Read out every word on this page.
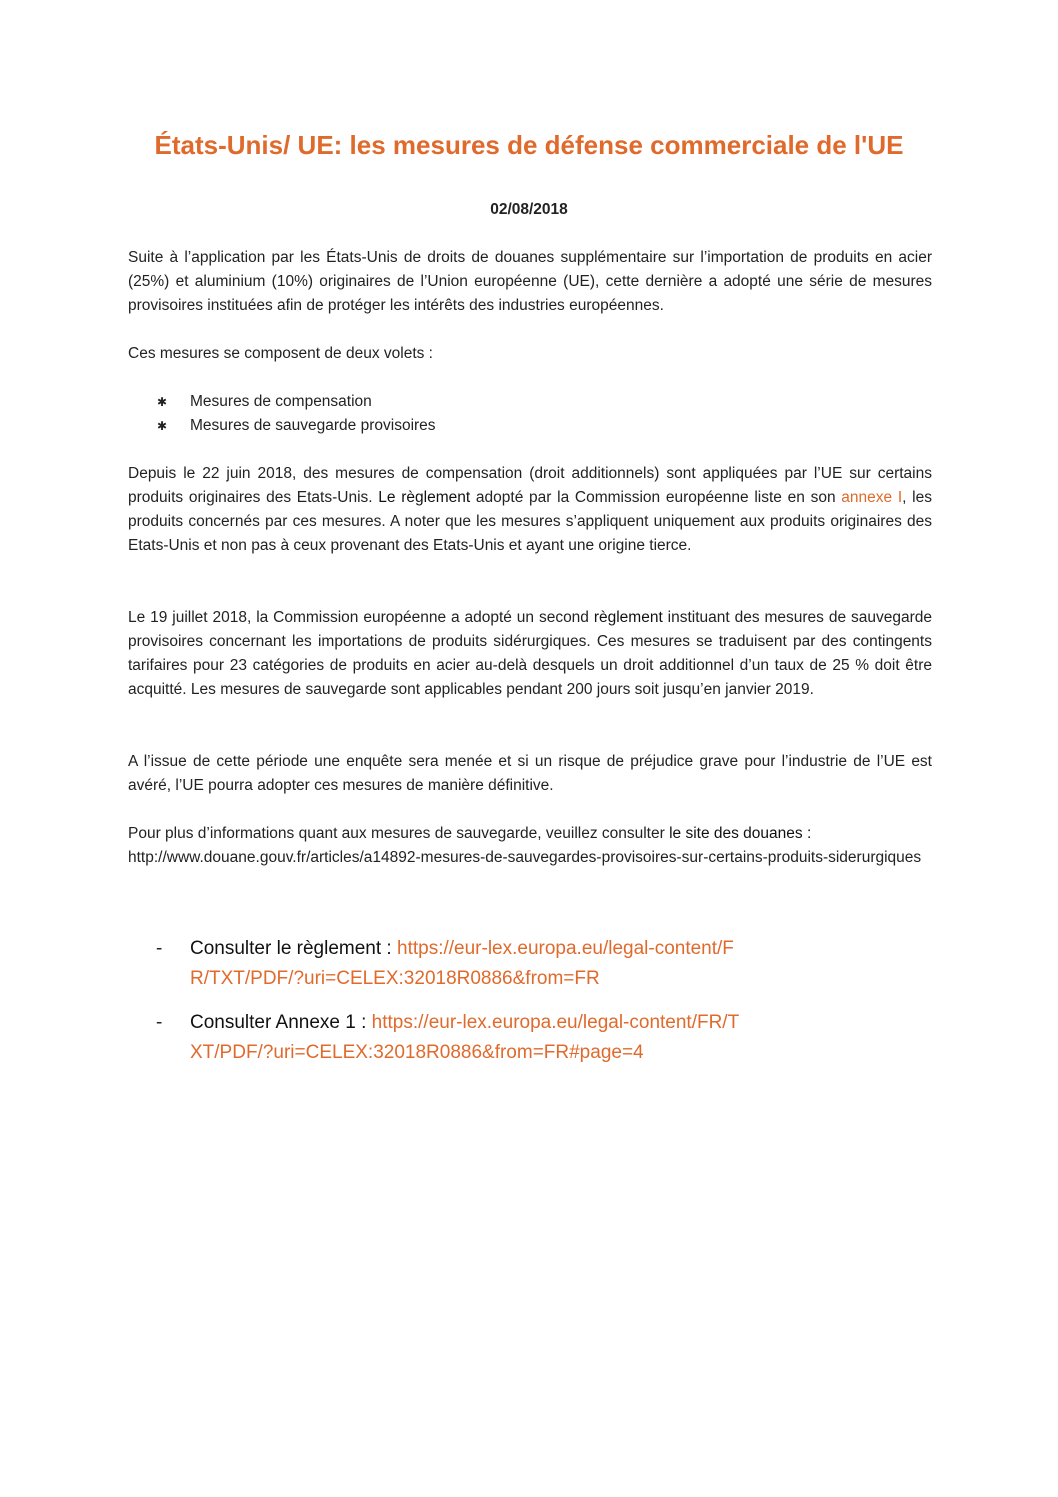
États-Unis/ UE: les mesures de défense commerciale de l'UE
02/08/2018

Suite à l’application par les États-Unis de droits de douanes supplémentaire sur l’importation de produits en acier (25%) et aluminium (10%) originaires de l’Union européenne (UE), cette dernière a adopté une série de mesures provisoires instituées afin de protéger les intérêts des industries européennes.

Ces mesures se composent de deux volets :

✱ Mesures de compensation
✱ Mesures de sauvegarde provisoires

Depuis le 22 juin 2018, des mesures de compensation (droit additionnels) sont appliquées par l’UE sur certains produits originaires des Etats-Unis. Le règlement adopté par la Commission européenne liste en son annexe I, les produits concernés par ces mesures. A noter que les mesures s’appliquent uniquement aux produits originaires des Etats-Unis et non pas à ceux provenant des Etats-Unis et ayant une origine tierce.

Le 19 juillet 2018, la Commission européenne a adopté un second règlement instituant des mesures de sauvegarde provisoires concernant les importations de produits sidérurgiques. Ces mesures se traduisent par des contingents tarifaires pour 23 catégories de produits en acier au-delà desquels un droit additionnel d’un taux de 25 % doit être acquitté. Les mesures de sauvegarde sont applicables pendant 200 jours soit jusqu’en janvier 2019.

A l’issue de cette période une enquête sera menée et si un risque de préjudice grave pour l’industrie de l’UE est avéré, l’UE pourra adopter ces mesures de manière définitive.

Pour plus d’informations quant aux mesures de sauvegarde, veuillez consulter le site des douanes :
http://www.douane.gouv.fr/articles/a14892-mesures-de-sauvegardes-provisoires-sur-certains-produits-siderurgiques

- Consulter le règlement : https://eur-lex.europa.eu/legal-content/FR/TXT/PDF/?uri=CELEX:32018R0886&from=FR
- Consulter Annexe 1 : https://eur-lex.europa.eu/legal-content/FR/TXT/PDF/?uri=CELEX:32018R0886&from=FR#page=4
